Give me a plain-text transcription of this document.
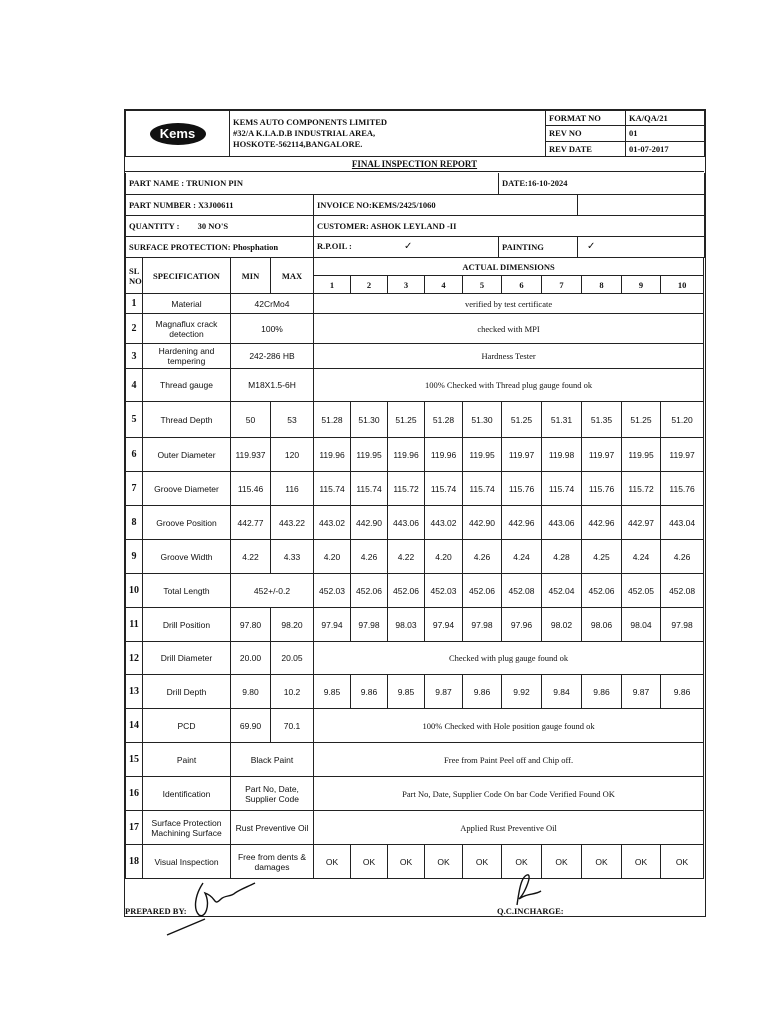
Kems	KEMS AUTO COMPONENTS LIMITED
#32/A K.I.A.D.B INDUSTRIAL AREA,
HOSKOTE-562114,BANGALORE.	FORMAT NO	KA/QA/21
		REV NO	01
		REV DATE	01-07-2017
FINAL INSPECTION REPORT
PART NAME : TRUNION PIN		DATE:16-10-2024	
PART NUMBER : X3J00611	INVOICE NO:KEMS/2425/1060		
QUANTITY : 30 NO'S	CUSTOMER: ASHOK LEYLAND -II		
SURFACE PROTECTION: Phosphation	R.P.OIL : ✓	PAINTING	✓
SL NO	SPECIFICATION	MIN	MAX	ACTUAL DIMENSIONS									
				1	2	3	4	5	6	7	8	9	10
1	Material	42CrMo4		verified by test certificate									
2	Magnaflux crack detection	100%		checked with MPI									
3	Hardening and tempering	242-286 HB		Hardness Tester									
4	Thread gauge	M18X1.5-6H		100% Checked with Thread plug gauge found ok									
5	Thread Depth	50	53	51.28	51.30	51.25	51.28	51.30	51.25	51.31	51.35	51.25	51.20
6	Outer Diameter	119.937	120	119.96	119.95	119.96	119.96	119.95	119.97	119.98	119.97	119.95	119.97
7	Groove Diameter	115.46	116	115.74	115.74	115.72	115.74	115.74	115.76	115.74	115.76	115.72	115.76
8	Groove Position	442.77	443.22	443.02	442.90	443.06	443.02	442.90	442.96	443.06	442.96	442.97	443.04
9	Groove Width	4.22	4.33	4.20	4.26	4.22	4.20	4.26	4.24	4.28	4.25	4.24	4.26
10	Total Length	452+/-0.2		452.03	452.06	452.06	452.03	452.06	452.08	452.04	452.06	452.05	452.08
11	Drill Position	97.80	98.20	97.94	97.98	98.03	97.94	97.98	97.96	98.02	98.06	98.04	97.98
12	Drill Diameter	20.00	20.05	Checked with plug gauge found ok									
13	Drill Depth	9.80	10.2	9.85	9.86	9.85	9.87	9.86	9.92	9.84	9.86	9.87	9.86
14	PCD	69.90	70.1	100% Checked with Hole position gauge found ok									
15	Paint	Black Paint		Free from Paint Peel off and Chip off.									
16	Identification	Part No, Date, Supplier Code		Part No, Date, Supplier Code On bar Code Verified Found OK									
17	Surface Protection Machining Surface	Rust Preventive Oil		Applied Rust Preventive Oil									
18	Visual Inspection	Free from dents & damages		OK	OK	OK	OK	OK	OK	OK	OK	OK	OK
PREPARED BY:	Q.C.INCHARGE:
